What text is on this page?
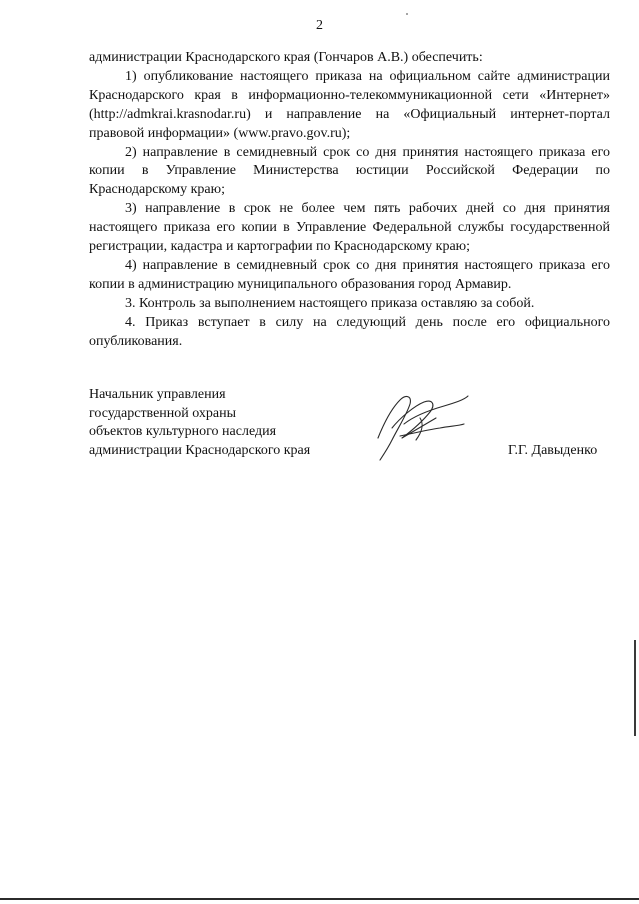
2

администрации Краснодарского края (Гончаров А.В.) обеспечить:

1) опубликование настоящего приказа на официальном сайте администрации Краснодарского края в информационно-телекоммуникационной сети «Интернет» (http://admkrai.krasnodar.ru) и направление на «Официальный интернет-портал правовой информации» (www.pravo.gov.ru);

2) направление в семидневный срок со дня принятия настоящего приказа его копии в Управление Министерства юстиции Российской Федерации по Краснодарскому краю;

3) направление в срок не более чем пять рабочих дней со дня принятия настоящего приказа его копии в Управление Федеральной службы государственной регистрации, кадастра и картографии по Краснодарскому краю;

4) направление в семидневный срок со дня принятия настоящего приказа его копии в администрацию муниципального образования город Армавир.

3. Контроль за выполнением настоящего приказа оставляю за собой.

4. Приказ вступает в силу на следующий день после его официального опубликования.

Начальник управления
государственной охраны
объектов культурного наследия
администрации Краснодарского края	Г.Г. Давыденко
